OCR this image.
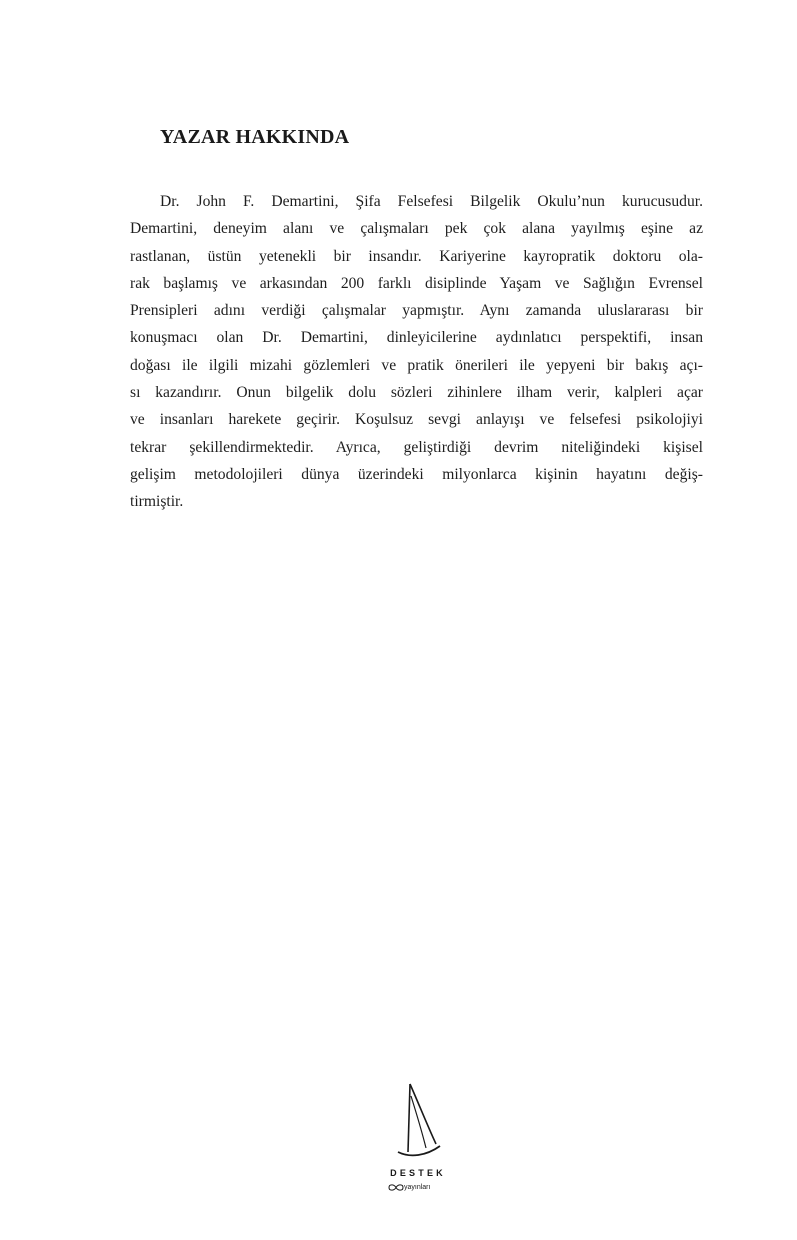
YAZAR HAKKINDA
Dr. John F. Demartini, Şifa Felsefesi Bilgelik Okulu’nun kurucusudur.
Demartini, deneyim alanı ve çalışmaları pek çok alana yayılmış eşine az
rastlanan, üstün yetenekli bir insandır. Kariyerine kayropratik doktoru ola-
rak başlamış ve arkasından 200 farklı disiplinde Yaşam ve Sağlığın Evrensel
Prensipleri adını verdiği çalışmalar yapmıştır. Aynı zamanda uluslararası bir
konuşmacı olan Dr. Demartini, dinleyicilerine aydınlatıcı perspektifi, insan
doğası ile ilgili mizahi gözlemleri ve pratik önerileri ile yepyeni bir bakış açı-
sı kazandırır. Onun bilgelik dolu sözleri zihinlere ilham verir, kalpleri açar
ve insanları harekete geçirir. Koşulsuz sevgi anlayışı ve felsefesi psikolojiyi
tekrar şekillendirmektedir. Ayrıca, geliştirdiği devrim niteliğindeki kişisel
gelişim metodolojileri dünya üzerindeki milyonlarca kişinin hayatını değiş-
tirmiştir.
DESTEK
yayınları
